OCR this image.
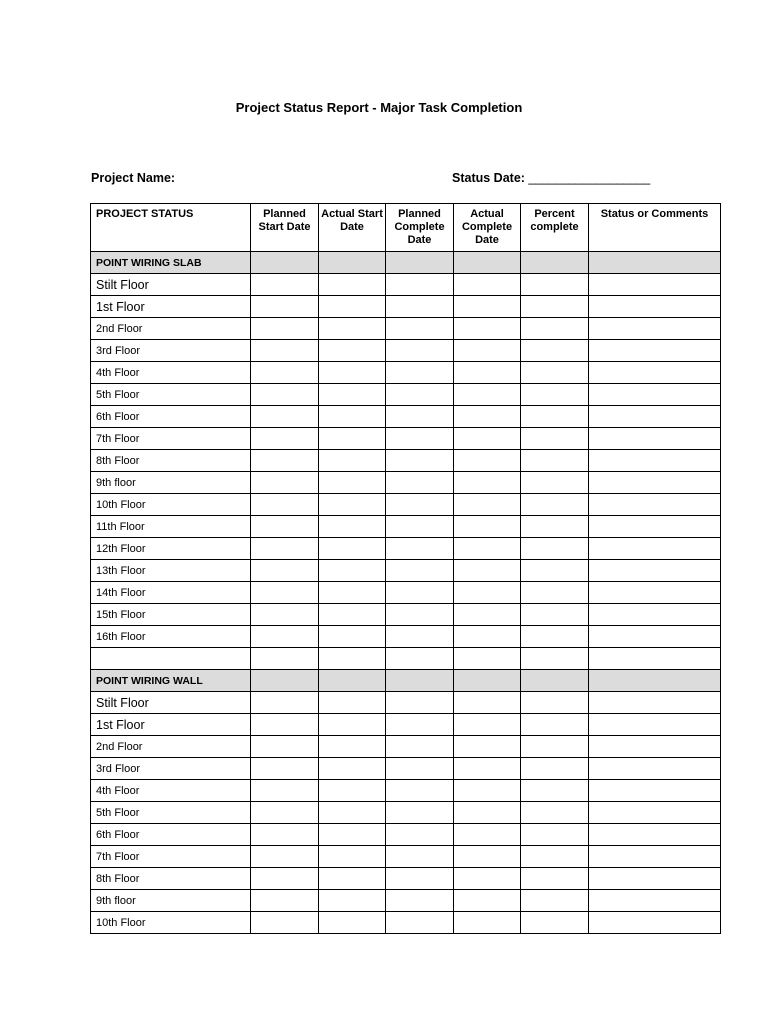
Project Status Report - Major Task Completion
Project Name:	Status Date: __________________
PROJECT STATUS	Planned Start Date	Actual Start Date	Planned Complete Date	Actual Complete Date	Percent complete	Status or Comments
POINT WIRING SLAB						
Stilt Floor						
1st Floor						
2nd Floor						
3rd Floor						
4th Floor						
5th Floor						
6th Floor						
7th Floor						
8th Floor						
9th floor						
10th Floor						
11th Floor						
12th Floor						
13th Floor						
14th Floor						
15th Floor						
16th Floor						

POINT WIRING WALL						
Stilt Floor						
1st Floor						
2nd Floor						
3rd Floor						
4th Floor						
5th Floor						
6th Floor						
7th Floor						
8th Floor						
9th floor						
10th Floor						
